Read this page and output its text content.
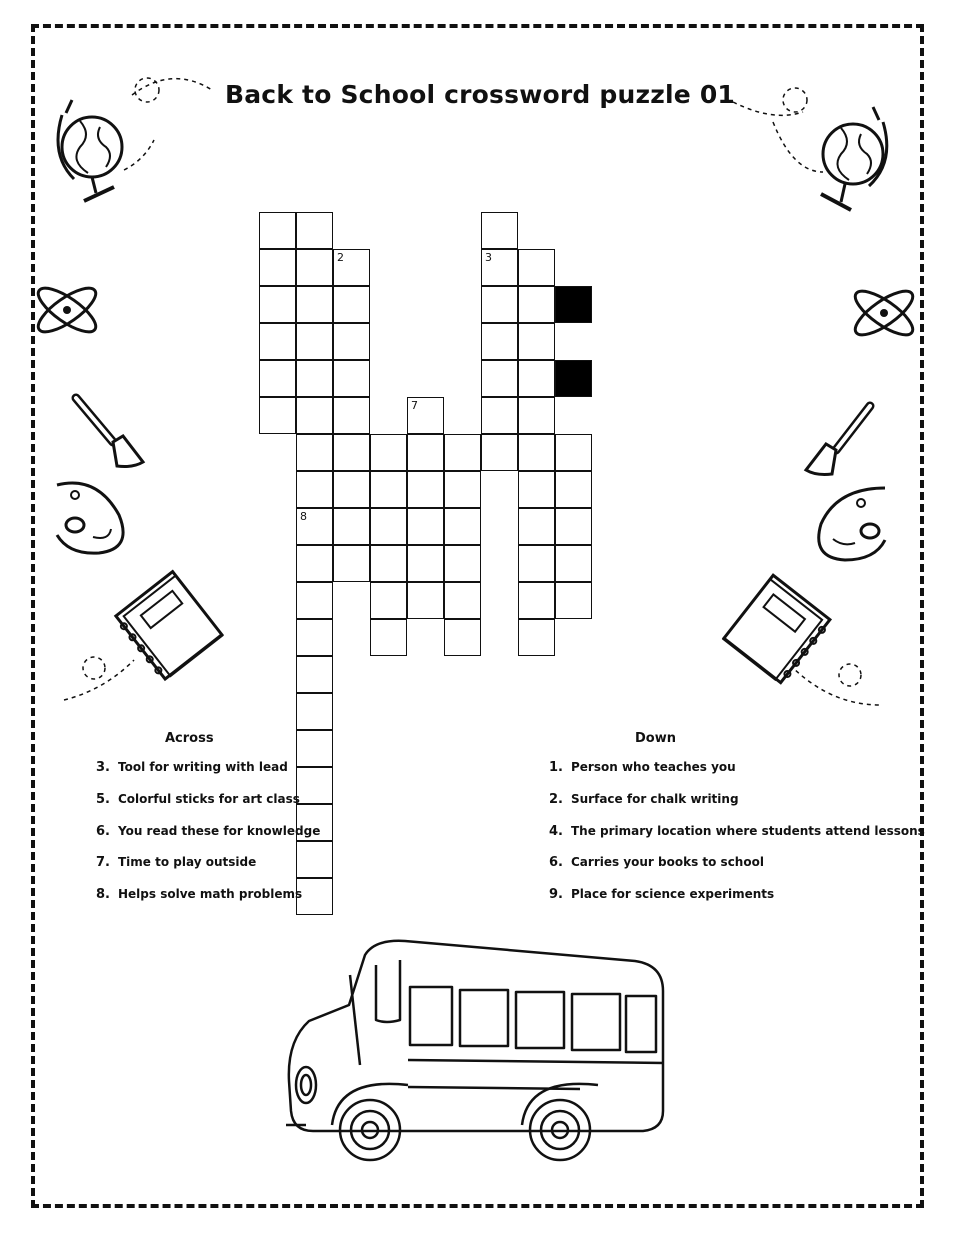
Back to School crossword puzzle 01
8
2
7
3
Across	Down
3. Tool for writing with lead
5. Colorful sticks for art class
6. You read these for knowledge
7. Time to play outside
8. Helps solve math problems
1. Person who teaches you
2. Surface for chalk writing
4. The primary location where students attend lessons
6. Carries your books to school
9. Place for science experiments
